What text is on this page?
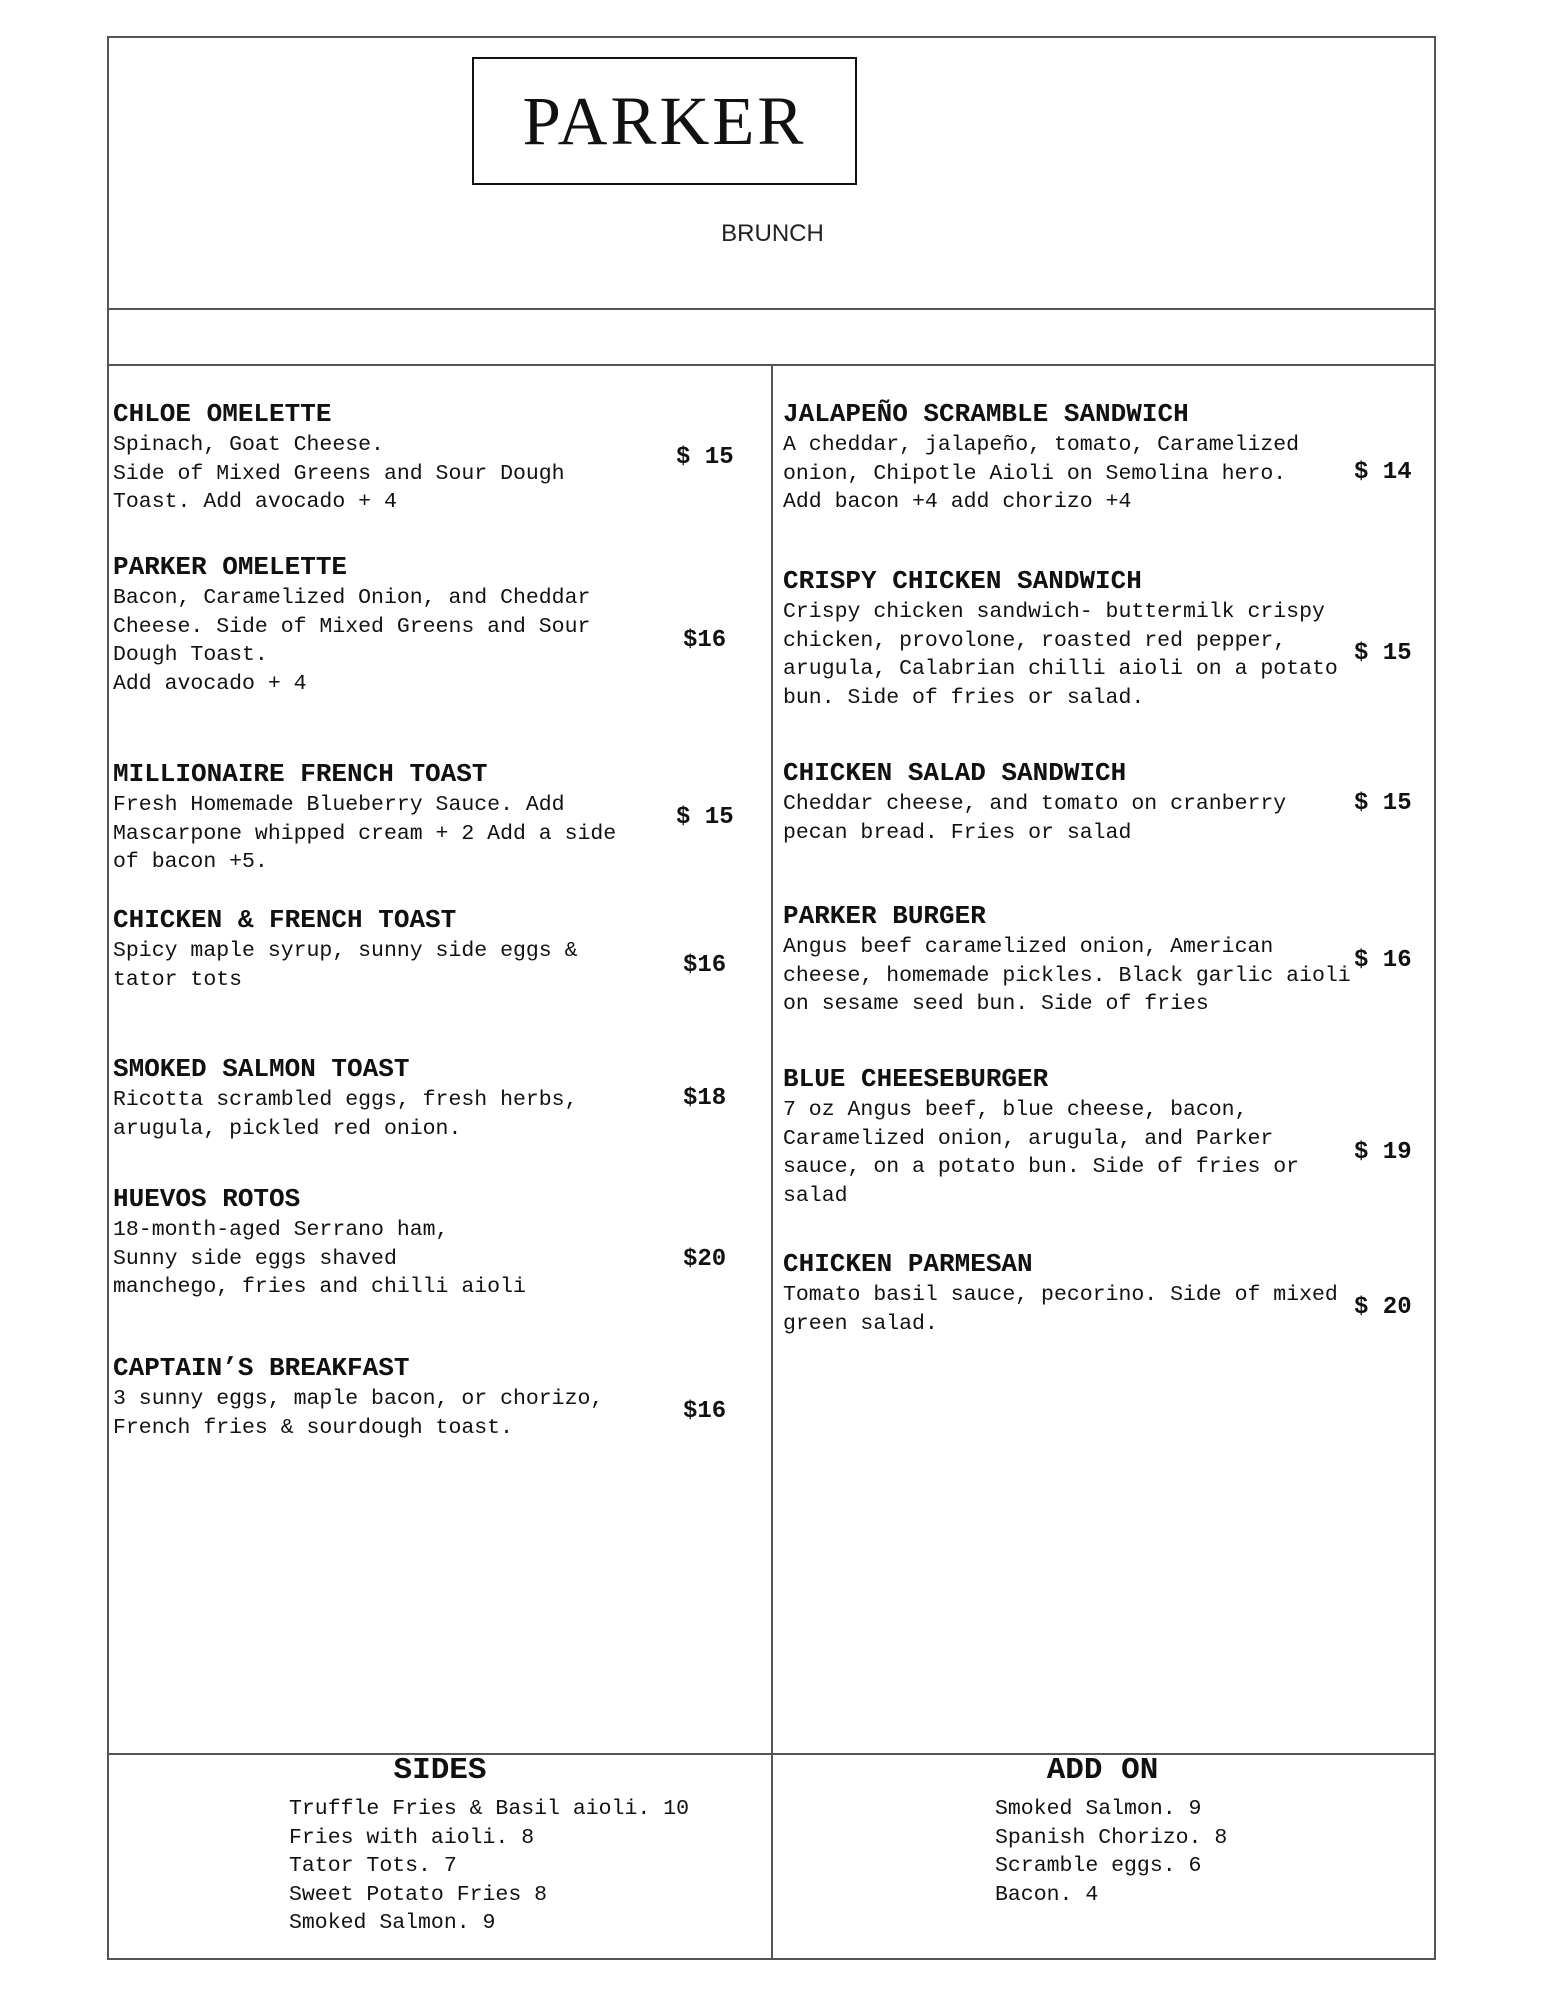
PARKER
BRUNCH
CHLOE OMELETTE
Spinach, Goat Cheese.
Side of Mixed Greens and Sour Dough
Toast. Add avocado + 4
$ 15
PARKER OMELETTE
Bacon, Caramelized Onion, and Cheddar
Cheese. Side of Mixed Greens and Sour
Dough Toast.
Add avocado + 4
$16
MILLIONAIRE FRENCH TOAST
Fresh Homemade Blueberry Sauce. Add
Mascarpone whipped cream + 2 Add a side
of bacon +5.
$ 15
CHICKEN & FRENCH TOAST
Spicy maple syrup, sunny side eggs &
tator tots
$16
SMOKED SALMON TOAST
Ricotta scrambled eggs, fresh herbs,
arugula, pickled red onion.
$18
HUEVOS ROTOS
18-month-aged Serrano ham,
Sunny side eggs shaved
manchego, fries and chilli aioli
$20
CAPTAIN’S BREAKFAST
3 sunny eggs, maple bacon, or chorizo,
French fries & sourdough toast.
$16
JALAPEÑO SCRAMBLE SANDWICH
A cheddar, jalapeño, tomato, Caramelized
onion, Chipotle Aioli on Semolina hero.
Add bacon +4 add chorizo +4
$ 14
CRISPY CHICKEN SANDWICH
Crispy chicken sandwich- buttermilk crispy
chicken, provolone, roasted red pepper,
arugula, Calabrian chilli aioli on a potato
bun. Side of fries or salad.
$ 15
CHICKEN SALAD SANDWICH
Cheddar cheese, and tomato on cranberry
pecan bread. Fries or salad
$ 15
PARKER BURGER
Angus beef caramelized onion, American
cheese, homemade pickles. Black garlic aioli
on sesame seed bun. Side of fries
$ 16
BLUE CHEESEBURGER
7 oz Angus beef, blue cheese, bacon,
Caramelized onion, arugula, and Parker
sauce, on a potato bun. Side of fries or
salad
$ 19
CHICKEN PARMESAN
Tomato basil sauce, pecorino. Side of mixed
green salad.
$ 20
SIDES
Truffle Fries & Basil aioli. 10
Fries with aioli. 8
Tator Tots. 7
Sweet Potato Fries 8
Smoked Salmon. 9
ADD ON
Smoked Salmon. 9
Spanish Chorizo. 8
Scramble eggs. 6
Bacon. 4
